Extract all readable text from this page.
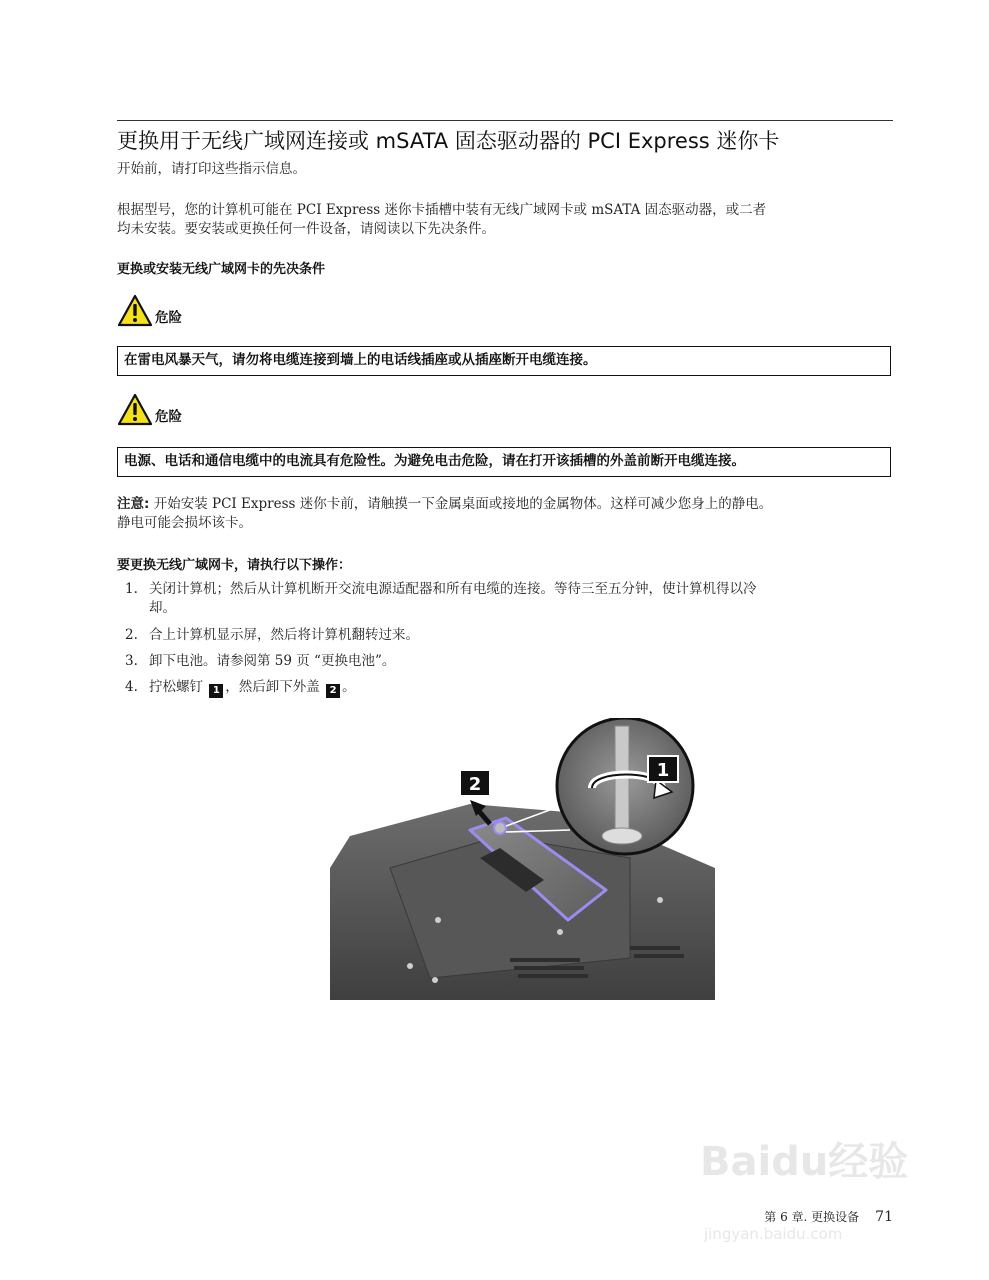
更换用于无线广域网连接或 mSATA 固态驱动器的 PCI Express 迷你卡
开始前，请打印这些指示信息。
根据型号，您的计算机可能在 PCI Express 迷你卡插槽中装有无线广域网卡或 mSATA 固态驱动器，或二者
均未安装。要安装或更换任何一件设备，请阅读以下先决条件。
更换或安装无线广域网卡的先决条件
危险
在雷电风暴天气，请勿将电缆连接到墙上的电话线插座或从插座断开电缆连接。
危险
电源、电话和通信电缆中的电流具有危险性。为避免电击危险，请在打开该插槽的外盖前断开电缆连接。
注意: 开始安装 PCI Express 迷你卡前，请触摸一下金属桌面或接地的金属物体。这样可减少您身上的静电。
静电可能会损坏该卡。
要更换无线广域网卡，请执行以下操作：
1. 关闭计算机；然后从计算机断开交流电源适配器和所有电缆的连接。等待三至五分钟，使计算机得以冷
却。
2. 合上计算机显示屏，然后将计算机翻转过来。
3. 卸下电池。请参阅第 59 页 “更换电池”。
4. 拧松螺钉 1 ，然后卸下外盖 2 。
1
2
Baidu经验
jingyan.baidu.com
第 6 章. 更换设备 71
